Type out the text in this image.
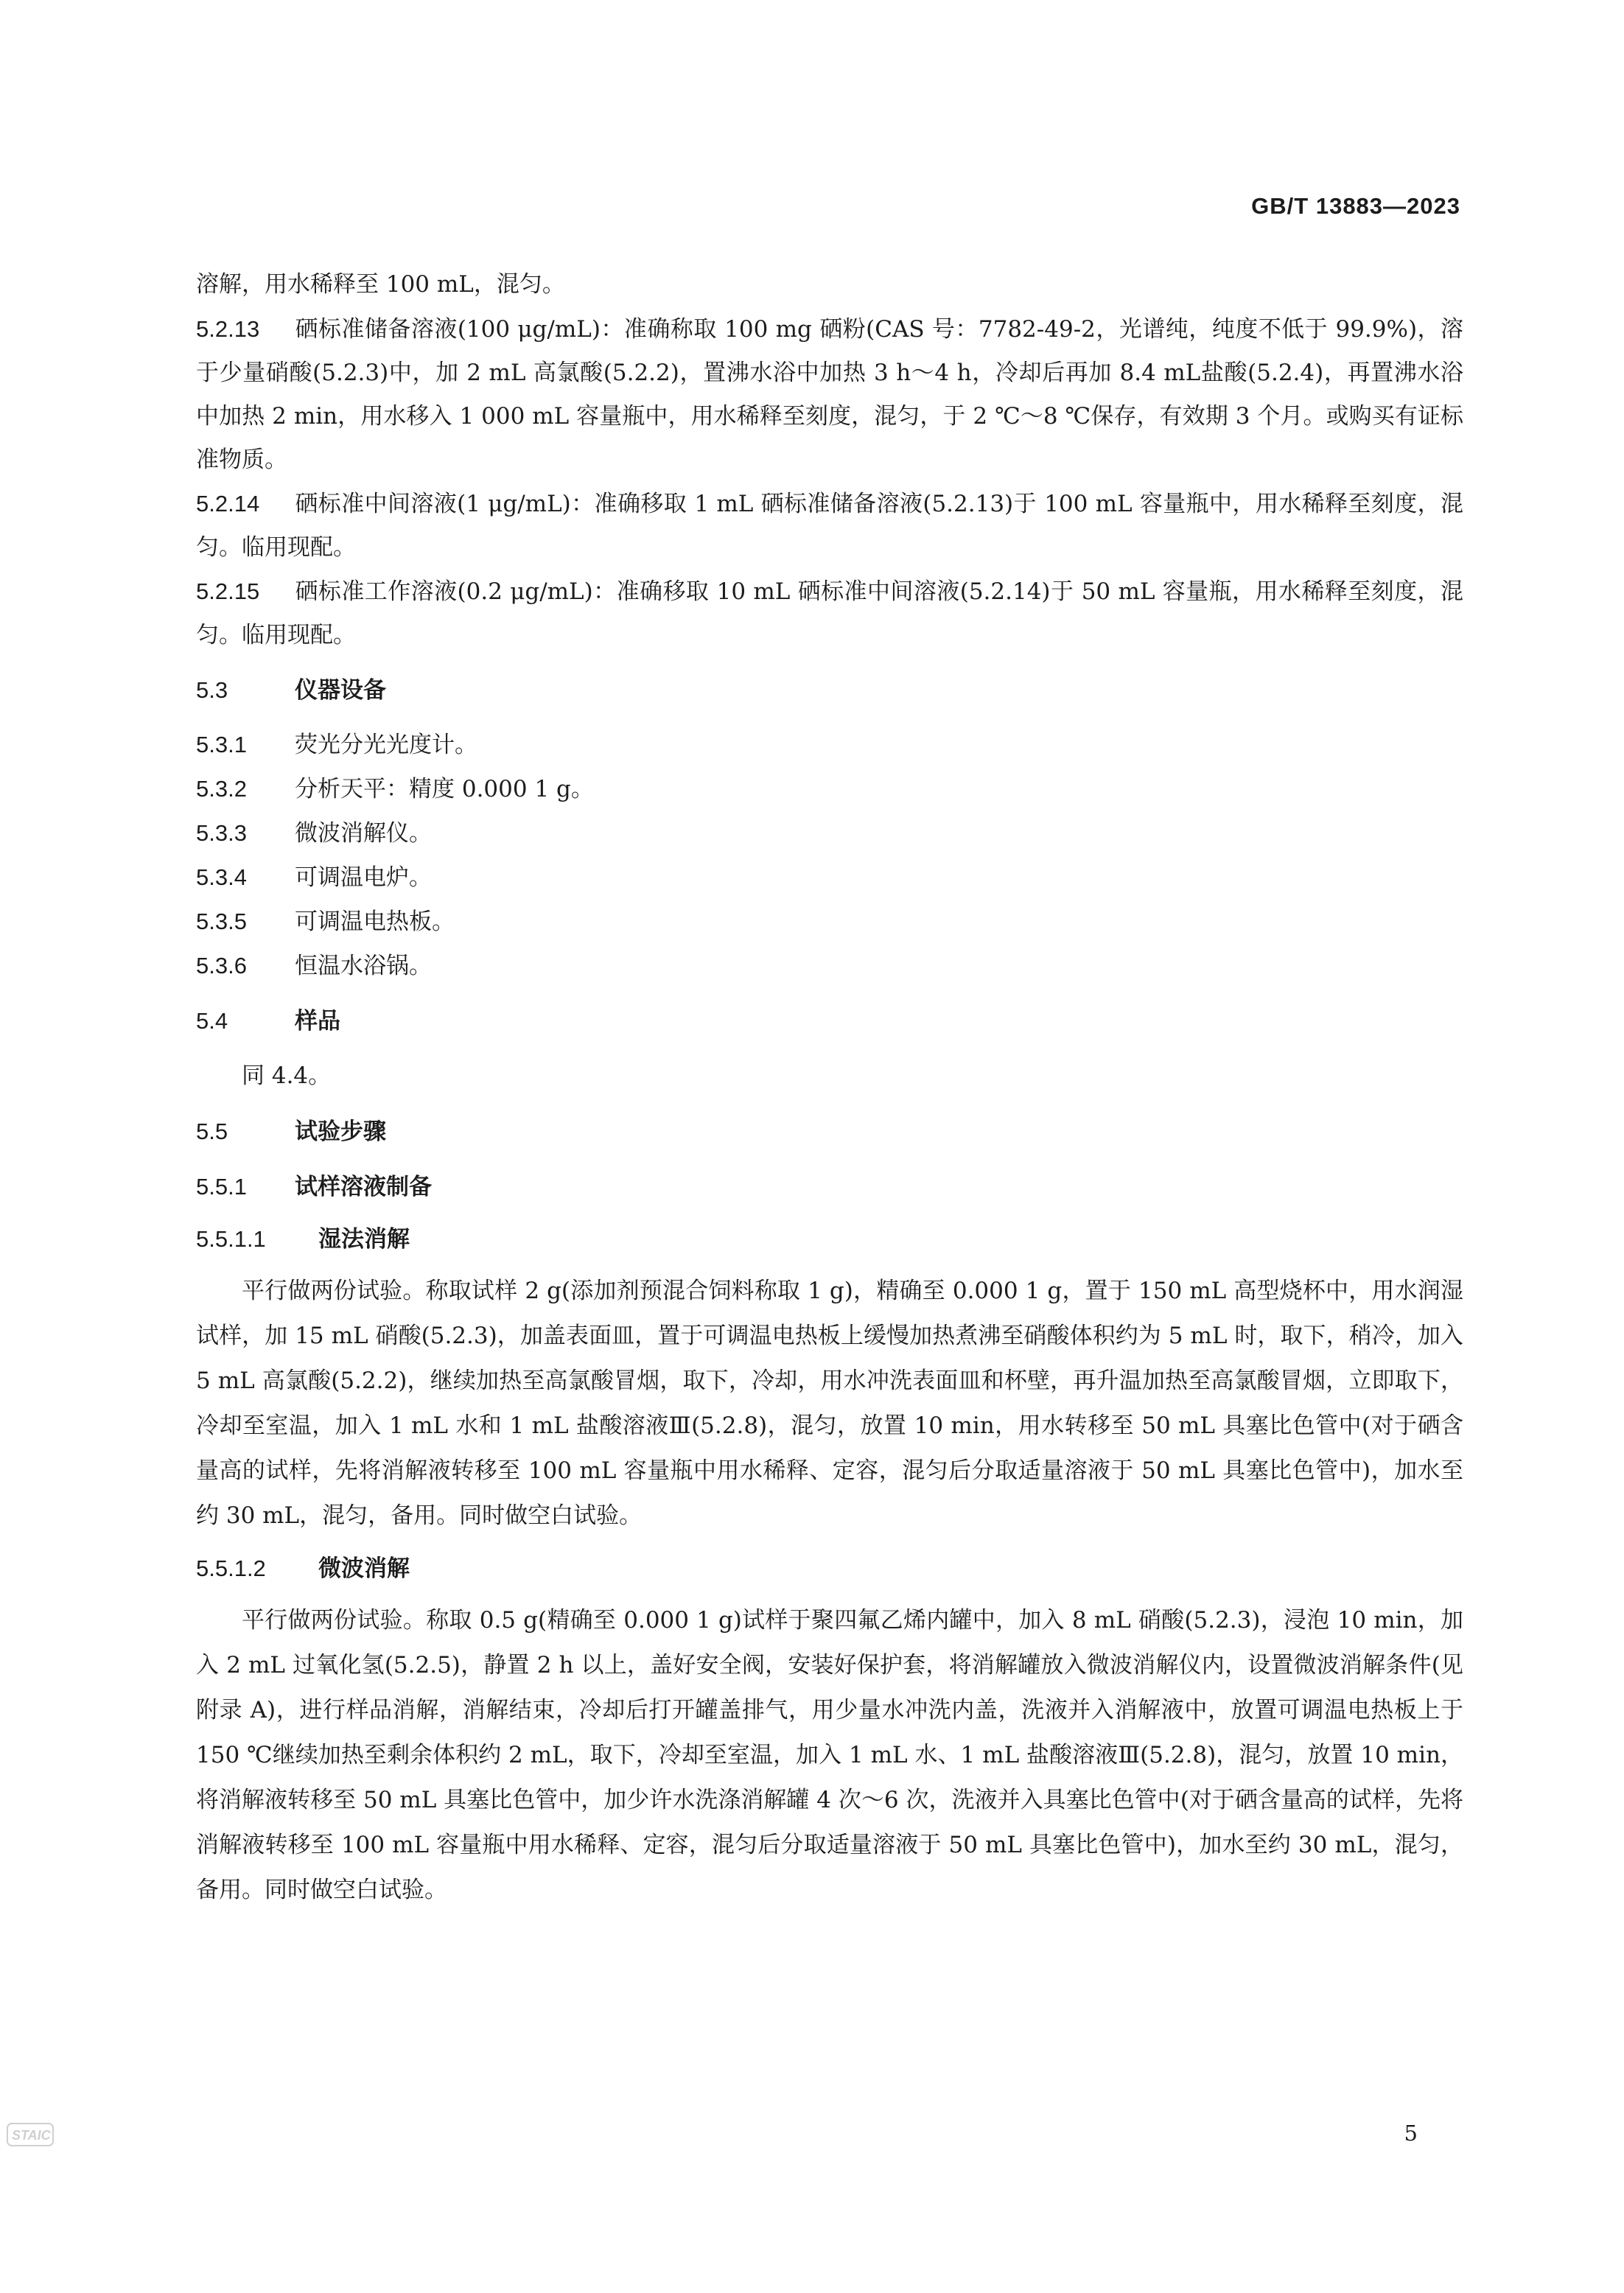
GB/T 13883—2023

溶解，用水稀释至 100 mL，混匀。

5.2.13 硒标准储备溶液(100 μg/mL)：准确称取 100 mg 硒粉(CAS 号：7782-49-2，光谱纯，纯度不低于 99.9%)，溶于少量硝酸(5.2.3)中，加 2 mL 高氯酸(5.2.2)，置沸水浴中加热 3 h～4 h，冷却后再加 8.4 mL盐酸(5.2.4)，再置沸水浴中加热 2 min，用水移入 1 000 mL 容量瓶中，用水稀释至刻度，混匀，于 2 ℃～8 ℃保存，有效期 3 个月。或购买有证标准物质。

5.2.14 硒标准中间溶液(1 μg/mL)：准确移取 1 mL 硒标准储备溶液(5.2.13)于 100 mL 容量瓶中，用水稀释至刻度，混匀。临用现配。

5.2.15 硒标准工作溶液(0.2 μg/mL)：准确移取 10 mL 硒标准中间溶液(5.2.14)于 50 mL 容量瓶，用水稀释至刻度，混匀。临用现配。

5.3	仪器设备

5.3.1 荧光分光光度计。

5.3.2 分析天平：精度 0.000 1 g。

5.3.3 微波消解仪。

5.3.4 可调温电炉。

5.3.5 可调温电热板。

5.3.6 恒温水浴锅。

5.4	样品

同 4.4。

5.5	试验步骤

5.5.1 试样溶液制备

5.5.1.1 湿法消解

平行做两份试验。称取试样 2 g(添加剂预混合饲料称取 1 g)，精确至 0.000 1 g，置于 150 mL 高型烧杯中，用水润湿试样，加 15 mL 硝酸(5.2.3)，加盖表面皿，置于可调温电热板上缓慢加热煮沸至硝酸体积约为 5 mL 时，取下，稍冷，加入 5 mL 高氯酸(5.2.2)，继续加热至高氯酸冒烟，取下，冷却，用水冲洗表面皿和杯壁，再升温加热至高氯酸冒烟，立即取下，冷却至室温，加入 1 mL 水和 1 mL 盐酸溶液Ⅲ(5.2.8)，混匀，放置 10 min，用水转移至 50 mL 具塞比色管中(对于硒含量高的试样，先将消解液转移至 100 mL 容量瓶中用水稀释、定容，混匀后分取适量溶液于 50 mL 具塞比色管中)，加水至约 30 mL，混匀，备用。同时做空白试验。

5.5.1.2 微波消解

平行做两份试验。称取 0.5 g(精确至 0.000 1 g)试样于聚四氟乙烯内罐中，加入 8 mL 硝酸(5.2.3)，浸泡 10 min，加入 2 mL 过氧化氢(5.2.5)，静置 2 h 以上，盖好安全阀，安装好保护套，将消解罐放入微波消解仪内，设置微波消解条件(见附录 A)，进行样品消解，消解结束，冷却后打开罐盖排气，用少量水冲洗内盖，洗液并入消解液中，放置可调温电热板上于 150 ℃继续加热至剩余体积约 2 mL，取下，冷却至室温，加入 1 mL 水、1 mL 盐酸溶液Ⅲ(5.2.8)，混匀，放置 10 min，将消解液转移至 50 mL 具塞比色管中，加少许水洗涤消解罐 4 次～6 次，洗液并入具塞比色管中(对于硒含量高的试样，先将消解液转移至 100 mL 容量瓶中用水稀释、定容，混匀后分取适量溶液于 50 mL 具塞比色管中)，加水至约 30 mL，混匀，备用。同时做空白试验。

5
STAIC
